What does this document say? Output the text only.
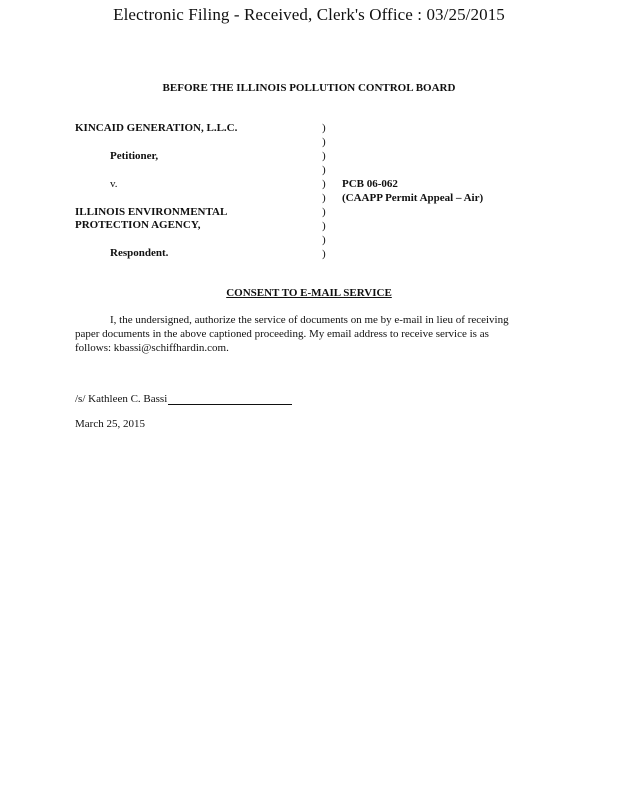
Electronic Filing - Received, Clerk's Office : 03/25/2015
BEFORE THE ILLINOIS POLLUTION CONTROL BOARD
KINCAID GENERATION, L.L.C.
Petitioner,
v.
ILLINOIS ENVIRONMENTAL
PROTECTION AGENCY,
Respondent.
)
)
)
)
)
)
)
)
)
)
PCB 06-062
(CAAPP Permit Appeal – Air)
CONSENT TO E-MAIL SERVICE
I, the undersigned, authorize the service of documents on me by e-mail in lieu of receiving paper documents in the above captioned proceeding. My email address to receive service is as follows: kbassi@schiffhardin.com.
/s/ Kathleen C. Bassi
March 25, 2015
